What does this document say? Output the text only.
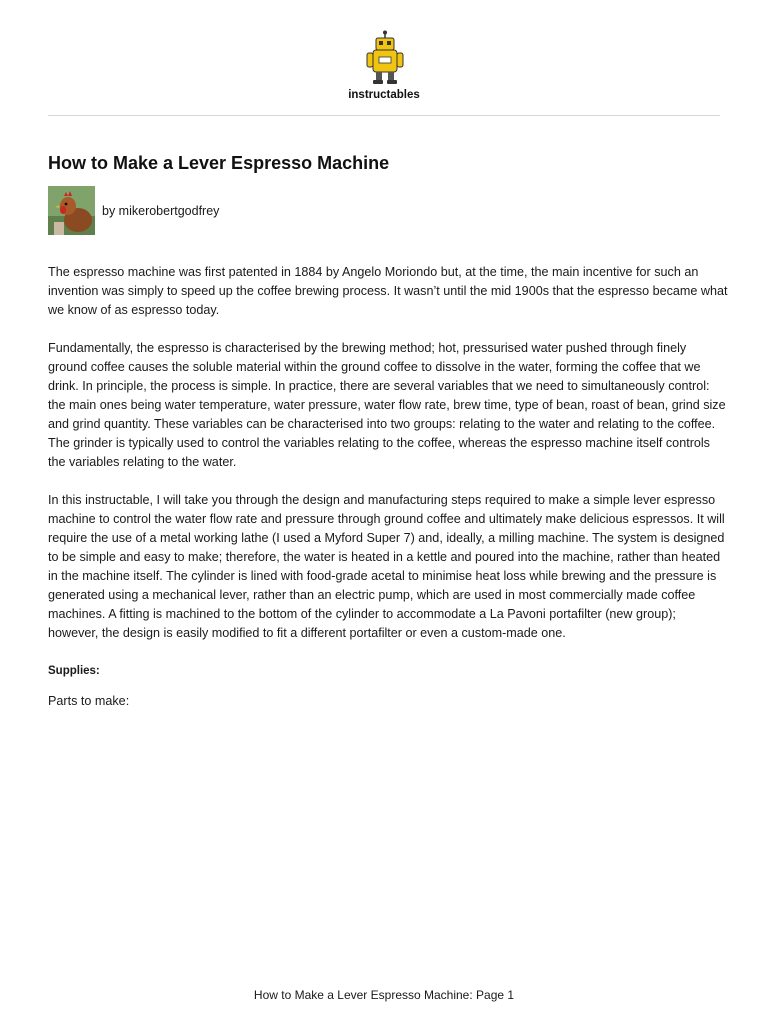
instructables
How to Make a Lever Espresso Machine
by mikerobertgodfrey

The espresso machine was first patented in 1884 by Angelo Moriondo but, at the time, the main incentive for such an invention was simply to speed up the coffee brewing process. It wasn’t until the mid 1900s that the espresso became what we know of as espresso today.

Fundamentally, the espresso is characterised by the brewing method; hot, pressurised water pushed through finely ground coffee causes the soluble material within the ground coffee to dissolve in the water, forming the coffee that we drink. In principle, the process is simple. In practice, there are several variables that we need to simultaneously control: the main ones being water temperature, water pressure, water flow rate, brew time, type of bean, roast of bean, grind size and grind quantity. These variables can be characterised into two groups: relating to the water and relating to the coffee. The grinder is typically used to control the variables relating to the coffee, whereas the espresso machine itself controls the variables relating to the water.

In this instructable, I will take you through the design and manufacturing steps required to make a simple lever espresso machine to control the water flow rate and pressure through ground coffee and ultimately make delicious espressos. It will require the use of a metal working lathe (I used a Myford Super 7) and, ideally, a milling machine. The system is designed to be simple and easy to make; therefore, the water is heated in a kettle and poured into the machine, rather than heated in the machine itself. The cylinder is lined with food-grade acetal to minimise heat loss while brewing and the pressure is generated using a mechanical lever, rather than an electric pump, which are used in most commercially made coffee machines. A fitting is machined to the bottom of the cylinder to accommodate a La Pavoni portafilter (new group); however, the design is easily modified to fit a different portafilter or even a custom-made one.

Supplies:

Parts to make:

How to Make a Lever Espresso Machine: Page 1
